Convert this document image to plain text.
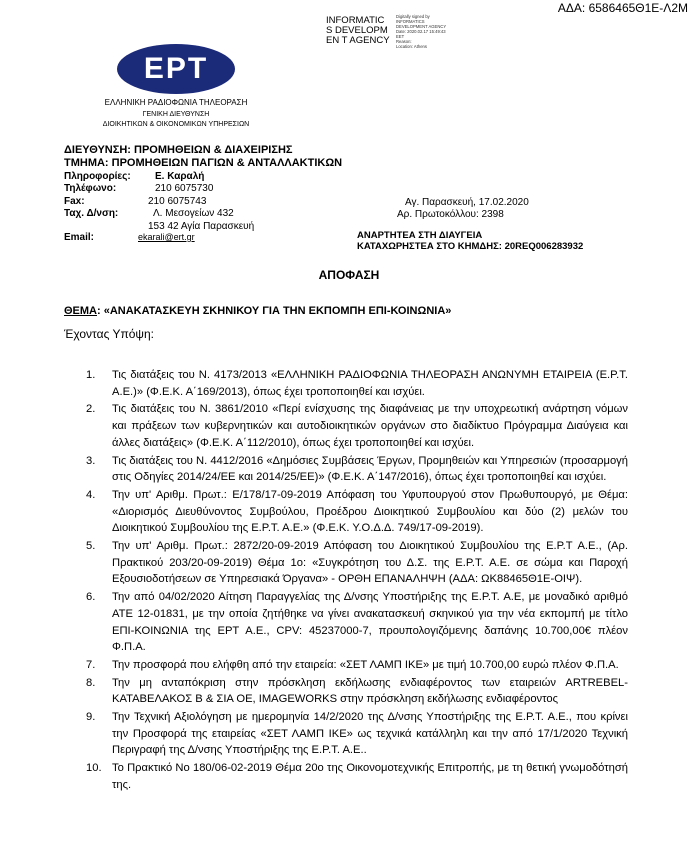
ΑΔΑ: 6586465Θ1Ε-Λ2Μ
INFORMATICS DEVELOPMEN T AGENCY
Digitally signed by
INFORMATICS
DEVELOPMENT AGENCY
Date: 2020.02.17 15:49:43
EET
Reason:
Location: Athens
ΕΡΤ
ΕΛΛΗΝΙΚΗ ΡΑΔΙΟΦΩΝΙΑ ΤΗΛΕΟΡΑΣΗ
ΓΕΝΙΚΗ ΔΙΕΥΘΥΝΣΗ
ΔΙΟΙΚΗΤΙΚΩΝ & ΟΙΚΟΝΟΜΙΚΩΝ ΥΠΗΡΕΣΙΩΝ
ΔΙΕΥΘΥΝΣΗ: ΠΡΟΜΗΘΕΙΩΝ & ΔΙΑΧΕΙΡΙΣΗΣ
ΤΜΗΜΑ: ΠΡΟΜΗΘΕΙΩΝ ΠΑΓΙΩΝ & ΑΝΤΑΛΛΑΚΤΙΚΩΝ
Πληροφορίες: Ε. Καραλή
Τηλέφωνο:	210 6075730
Fax:	210 6075743
Ταχ. Δ/νση:	Λ. Μεσογείων 432
153 42 Αγία Παρασκευή
Email:	ekarali@ert.gr
Αγ. Παρασκευή, 17.02.2020
Αρ. Πρωτοκόλλου: 2398
ΑΝΑΡΤΗΤΕΑ ΣΤΗ ΔΙΑΥΓΕΙΑ
ΚΑΤΑΧΩΡΗΣΤΕΑ ΣΤΟ ΚΗΜΔΗΣ: 20REQ006283932
ΑΠΟΦΑΣΗ
ΘΕΜΑ: «ΑΝΑΚΑΤΑΣΚΕΥΗ ΣΚΗΝΙΚΟΥ ΓΙΑ ΤΗΝ ΕΚΠΟΜΠΗ ΕΠΙ-ΚΟΙΝΩΝΙΑ»
Έχοντας Υπόψη:
1. Τις διατάξεις του Ν. 4173/2013 «ΕΛΛΗΝΙΚΗ ΡΑΔΙΟΦΩΝΙΑ ΤΗΛΕΟΡΑΣΗ ΑΝΩΝΥΜΗ ΕΤΑΙΡΕΙΑ (Ε.Ρ.Τ. Α.Ε.)» (Φ.Ε.Κ. Α΄169/2013), όπως έχει τροποποιηθεί και ισχύει.
2. Τις διατάξεις του Ν. 3861/2010 «Περί ενίσχυσης της διαφάνειας με την υποχρεωτική ανάρτηση νόμων και πράξεων των κυβερνητικών και αυτοδιοικητικών οργάνων στο διαδίκτυο Πρόγραμμα Διαύγεια και άλλες διατάξεις» (Φ.Ε.Κ. Α΄112/2010), όπως έχει τροποποιηθεί και ισχύει.
3. Τις διατάξεις του Ν. 4412/2016 «Δημόσιες Συμβάσεις Έργων, Προμηθειών και Υπηρεσιών (προσαρμογή στις Οδηγίες 2014/24/ΕΕ και 2014/25/ΕΕ)» (Φ.Ε.Κ. Α΄147/2016), όπως έχει τροποποιηθεί και ισχύει.
4. Την υπ' Αριθμ. Πρωτ.: Ε/178/17-09-2019 Απόφαση του Υφυπουργού στον Πρωθυπουργό, με Θέμα: «Διορισμός Διευθύνοντος Συμβούλου, Προέδρου Διοικητικού Συμβουλίου και δύο (2) μελών του Διοικητικού Συμβουλίου της Ε.Ρ.Τ. Α.Ε.» (Φ.Ε.Κ. Υ.Ο.Δ.Δ. 749/17-09-2019).
5. Την υπ' Αριθμ. Πρωτ.: 2872/20-09-2019 Απόφαση του Διοικητικού Συμβουλίου της Ε.Ρ.Τ Α.Ε., (Αρ. Πρακτικού 203/20-09-2019) Θέμα 1ο: «Συγκρότηση του Δ.Σ. της Ε.Ρ.Τ. Α.Ε. σε σώμα και Παροχή Εξουσιοδοτήσεων σε Υπηρεσιακά Όργανα» - ΟΡΘΗ ΕΠΑΝΑΛΗΨΗ (ΑΔΑ: ΩΚ88465Θ1Ε-ΟΙΨ).
6. Την από 04/02/2020 Αίτηση Παραγγελίας της Δ/νσης Υποστήριξης της Ε.Ρ.Τ. Α.Ε, με μοναδικό αριθμό ΑΤΕ 12-01831, με την οποία ζητήθηκε να γίνει ανακατασκευή σκηνικού για την νέα εκπομπή με τίτλο ΕΠΙ-ΚΟΙΝΩΝΙΑ της ΕΡΤ Α.Ε., CPV: 45237000-7, προυπολογιζόμενης δαπάνης 10.700,00€ πλέον Φ.Π.Α.
7. Την προσφορά που ελήφθη από την εταιρεία: «ΣΕΤ ΛΑΜΠ ΙΚΕ» με τιμή 10.700,00 ευρώ πλέον Φ.Π.Α.
8. Την μη ανταπόκριση στην πρόσκληση εκδήλωσης ενδιαφέροντος των εταιρειών ARTREBEL-ΚΑΤΑΒΕΛΑΚΟΣ Β & ΣΙΑ ΟΕ, IMAGEWORKS στην πρόσκληση εκδήλωσης ενδιαφέροντος
9. Την Τεχνική Αξιολόγηση με ημερομηνία 14/2/2020 της Δ/νσης Υποστήριξης της Ε.Ρ.Τ. Α.Ε., που κρίνει την Προσφορά της εταιρείας «ΣΕΤ ΛΑΜΠ ΙΚΕ» ως τεχνικά κατάλληλη και την από 17/1/2020 Τεχνική Περιγραφή της Δ/νσης Υποστήριξης της Ε.Ρ.Τ. Α.Ε..
10. Το Πρακτικό Νο 180/06-02-2019 Θέμα 20ο της Οικονομοτεχνικής Επιτροπής, με τη θετική γνωμοδότησή της.
